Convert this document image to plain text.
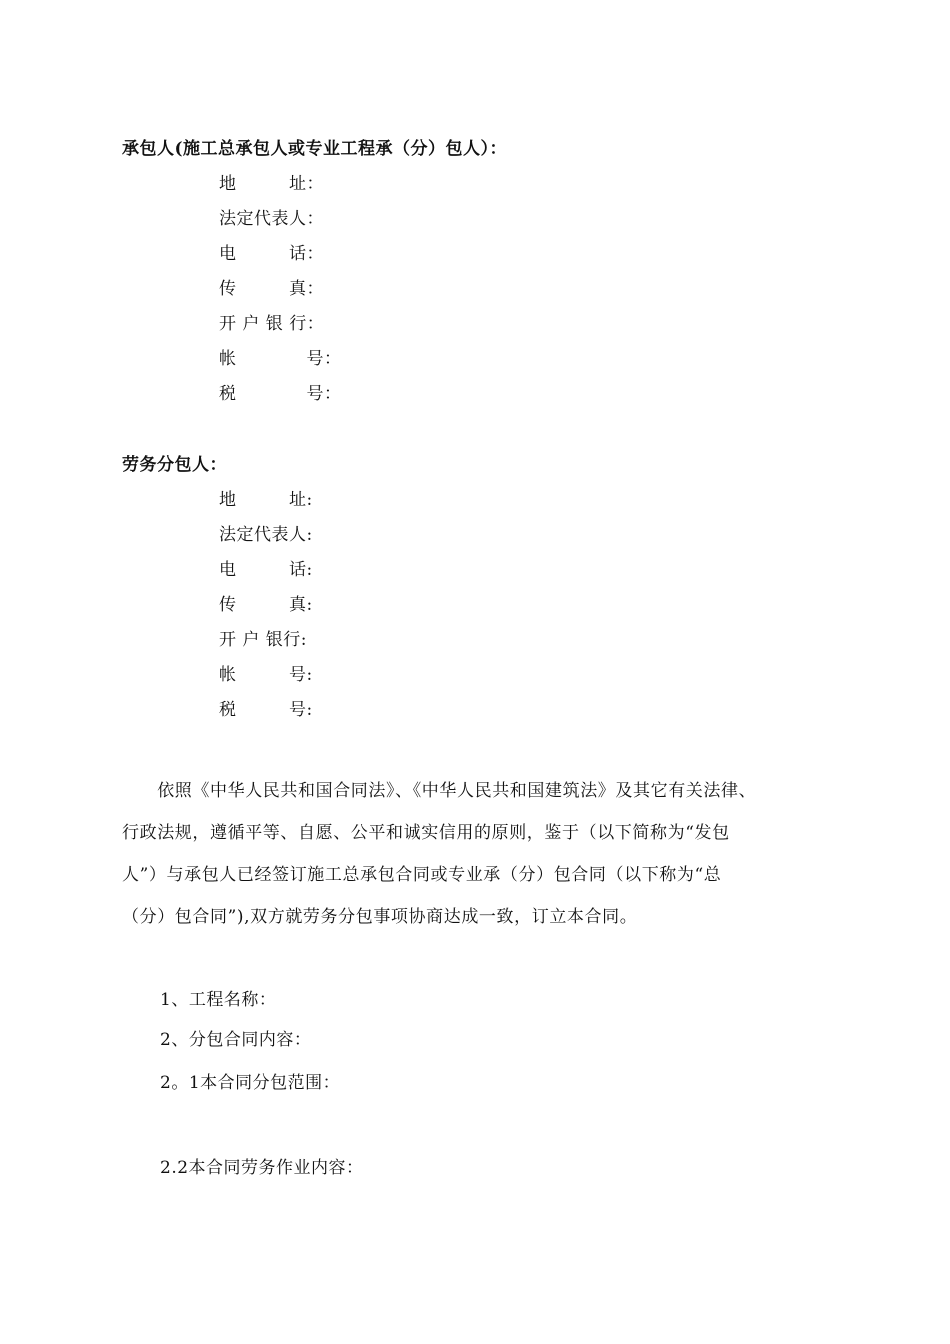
承包人(施工总承包人或专业工程承（分）包人）：
地　　　址：
法定代表人：
电　　　话：
传　　　真：
开 户 银 行：
帐　　　　号：
税　　　　号：
劳务分包人：
地　　　址:
法定代表人:
电　　　话:
传　　　真:
开 户 银行:
帐　　　号:
税　　　号:
　　依照《中华人民共和国合同法》、《中华人民共和国建筑法》及其它有关法律、
行政法规，遵循平等、自愿、公平和诚实信用的原则，鉴于（以下简称为“发包
人”）与承包人已经签订施工总承包合同或专业承（分）包合同（以下称为“总
（分）包合同”),双方就劳务分包事项协商达成一致，订立本合同。
1、工程名称：
2、分包合同内容：
2。1本合同分包范围：
2.2本合同劳务作业内容：
